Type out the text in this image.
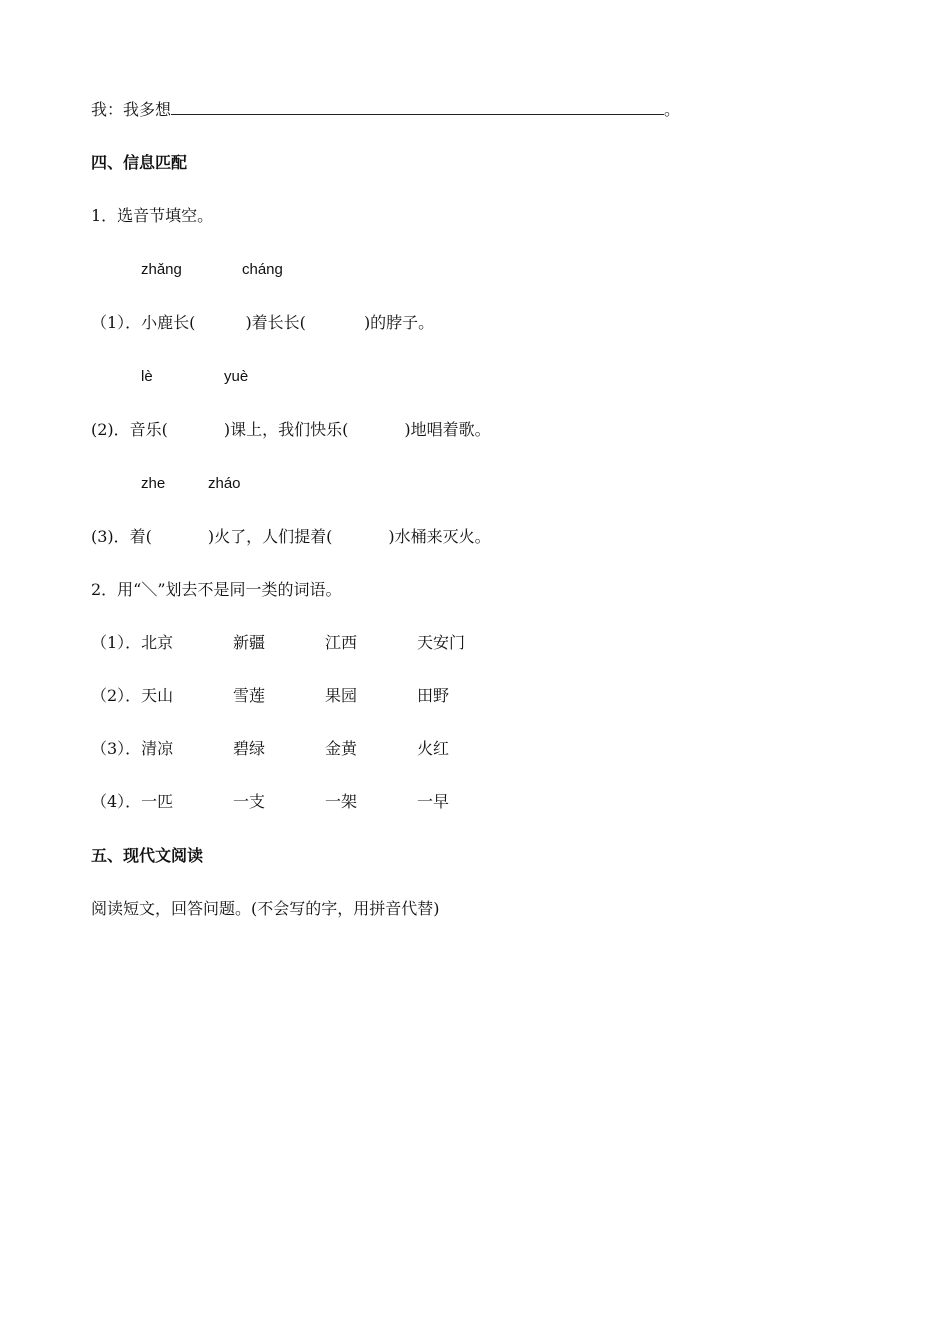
我：我多想	。
四、信息匹配
1．选音节填空。
zhǎng	cháng
（1）．小鹿长(	)着长长(	)的脖子。
lè	yuè
(2)．音乐(	)课上，我们快乐(	)地唱着歌。
zhe	zháo
(3)．着(	)火了，人们提着(	)水桶来灭火。
2．用“＼”划去不是同一类的词语。
（1）．北京	新疆	江西	天安门
（2）．天山	雪莲	果园	田野
（3）．清凉	碧绿	金黄	火红
（4）．一匹	一支	一架	一早
五、现代文阅读
阅读短文，回答问题。(不会写的字，用拼音代替)
